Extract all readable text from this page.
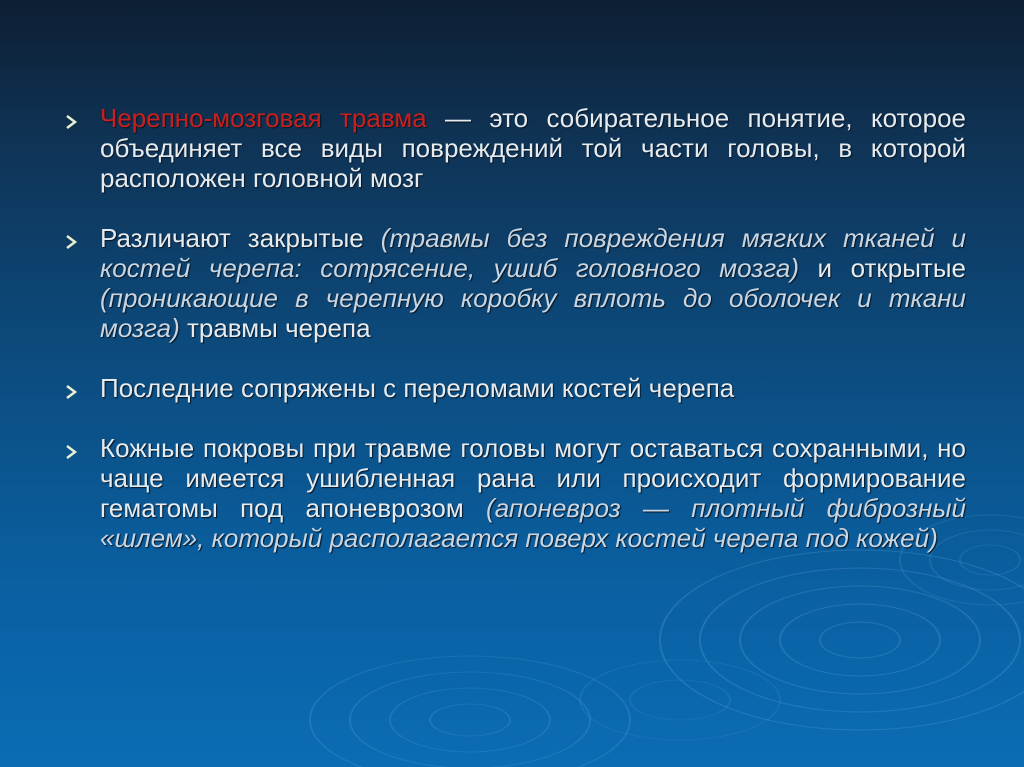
Черепно-мозговая травма — это собирательное понятие, которое объединяет все виды повреждений той части головы, в которой расположен головной мозг
Различают закрытые (травмы без повреждения мягких тканей и костей черепа: сотрясение, ушиб головного мозга) и открытые (проникающие в черепную коробку вплоть до оболочек и ткани мозга) травмы черепа
Последние сопряжены с переломами костей черепа
Кожные покровы при травме головы могут оставаться сохранными, но чаще имеется ушибленная рана или происходит формирование гематомы под апоневрозом (апоневроз — плотный фиброзный «шлем», который располагается поверх костей черепа под кожей)
